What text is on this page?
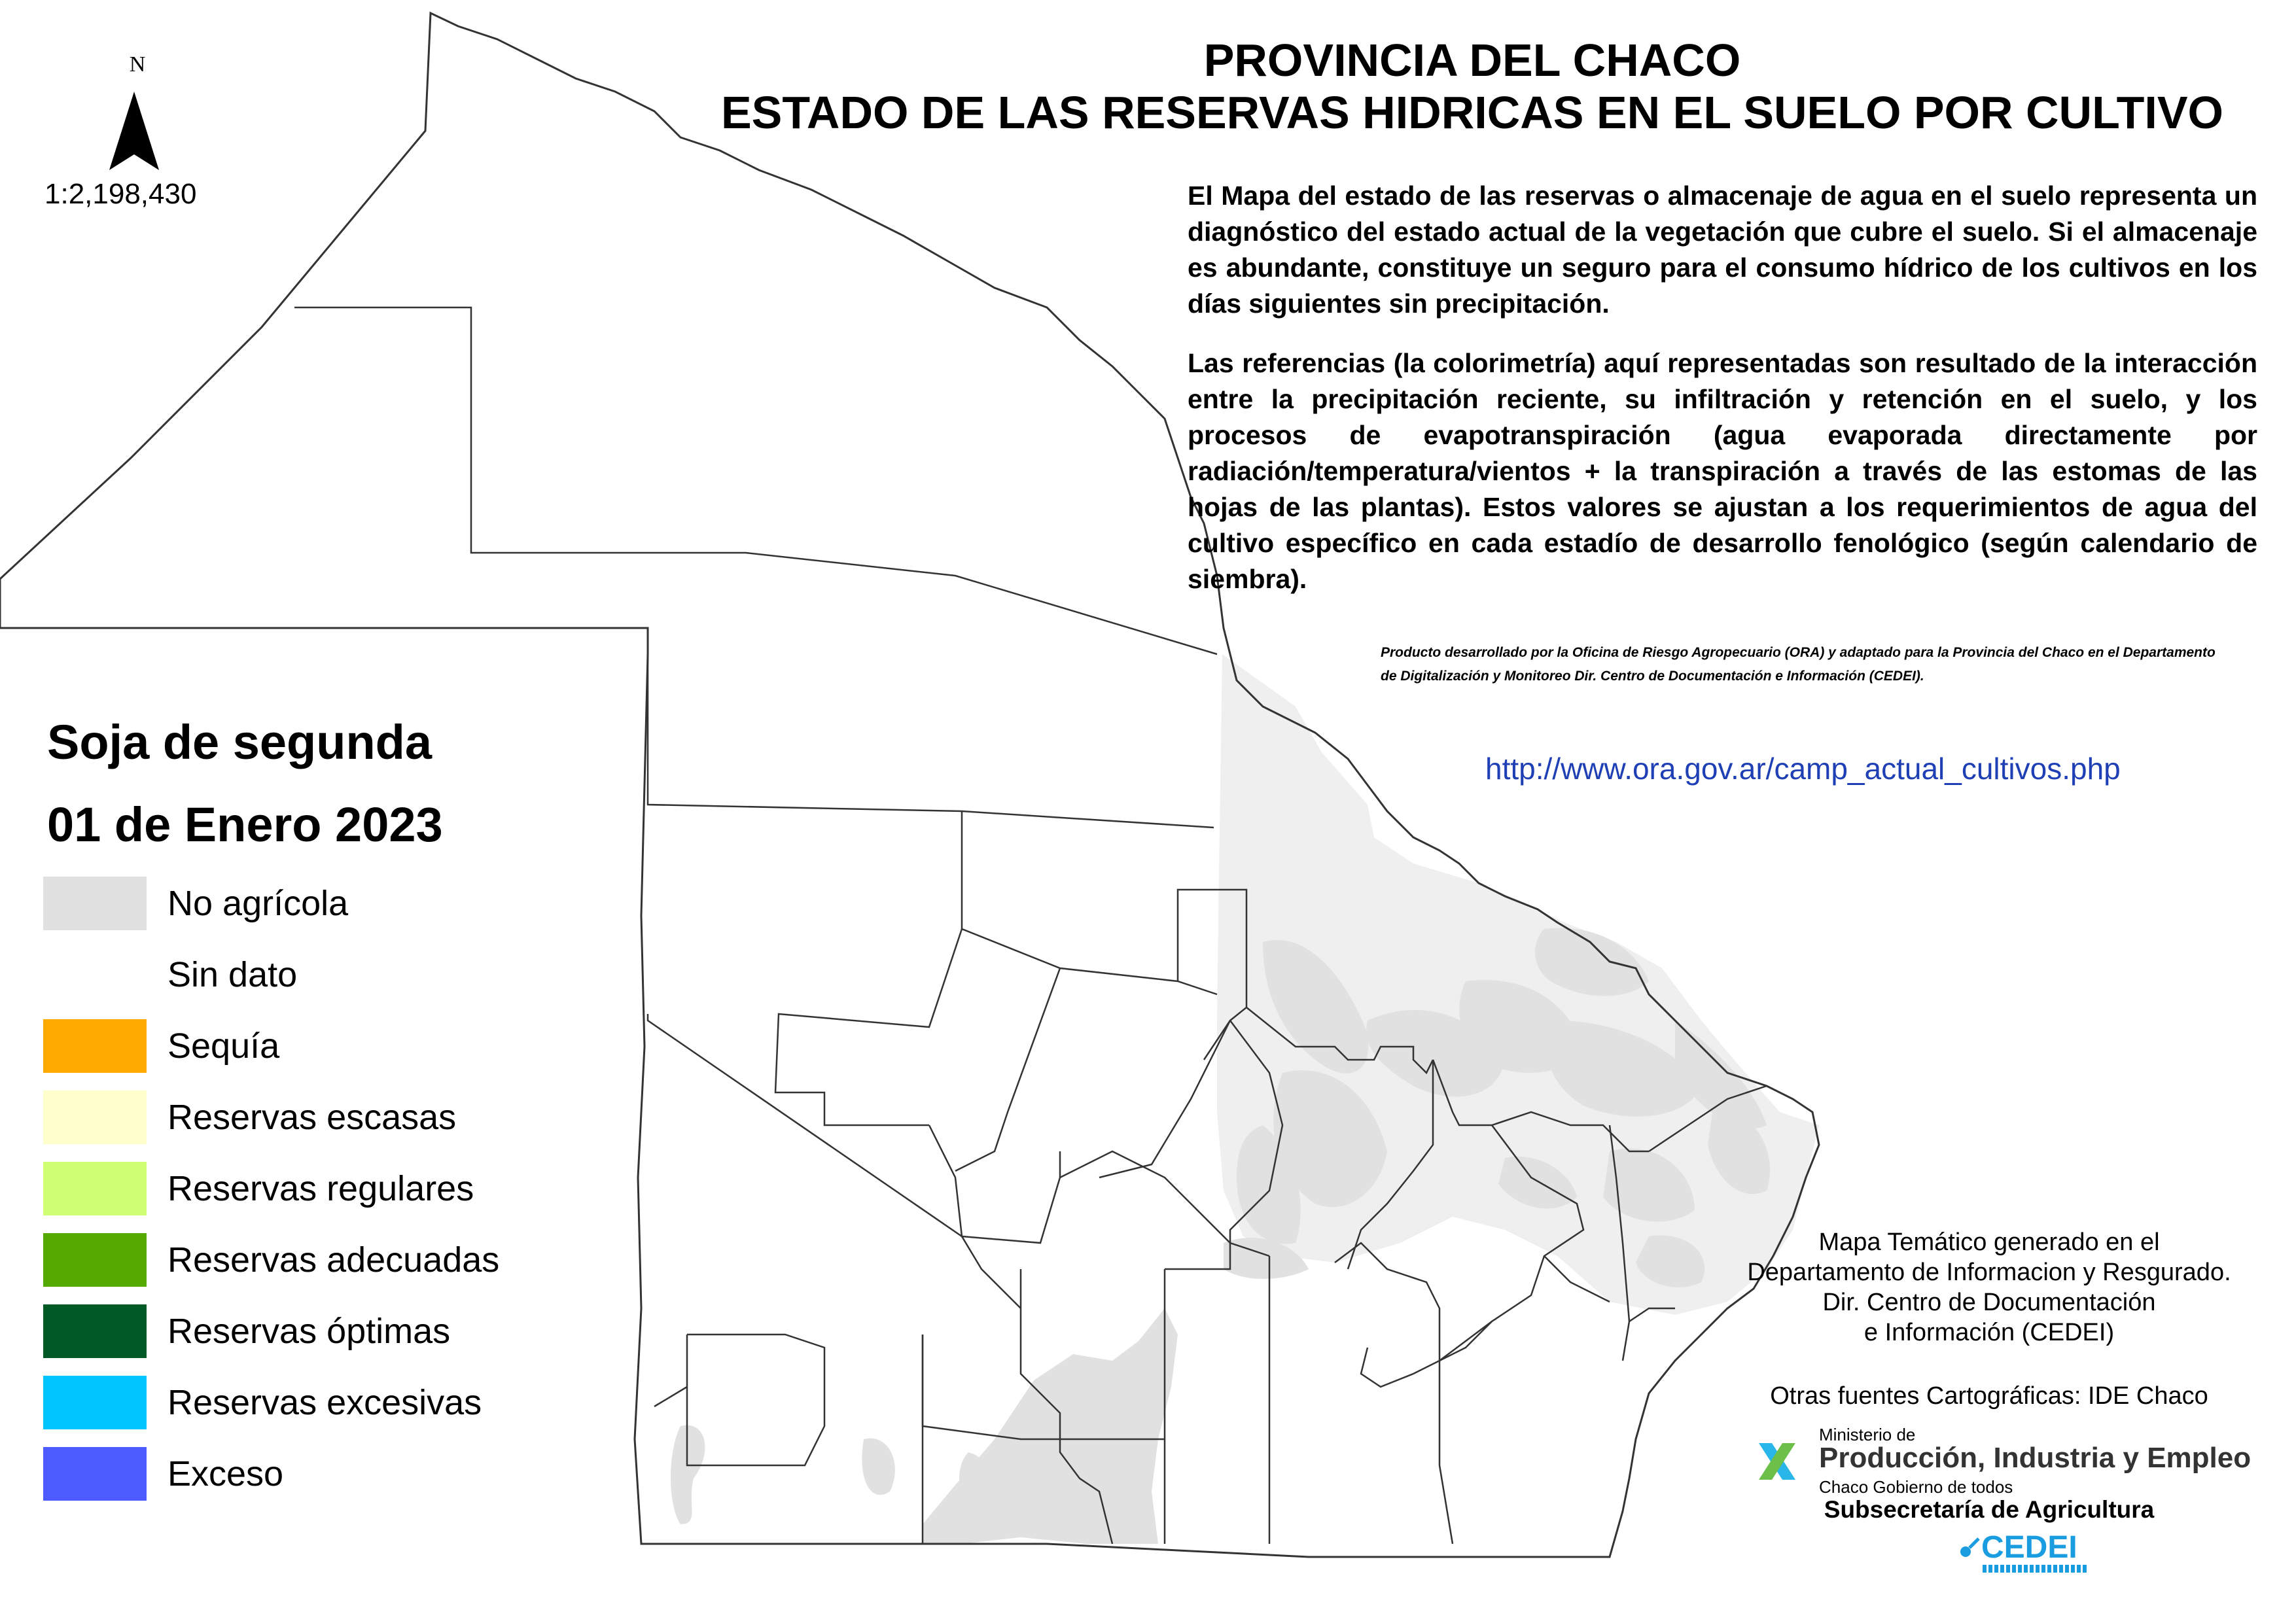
N
1:2,198,430
PROVINCIA DEL CHACO
ESTADO DE LAS RESERVAS HIDRICAS EN EL SUELO POR CULTIVO
El Mapa del estado de las reservas o almacenaje de agua en el suelo representa un diagnóstico del estado actual de la vegetación que cubre el suelo. Si el almacenaje es abundante, constituye un seguro para el consumo hídrico de los cultivos en los días siguientes sin precipitación.
Las referencias (la colorimetría) aquí representadas son resultado de la interacción entre la precipitación reciente, su infiltración y retención en el suelo, y los procesos de evapotranspiración (agua evaporada directamente por radiación/temperatura/vientos + la transpiración a través de las estomas de las hojas de las plantas). Estos valores se ajustan a los requerimientos de agua del cultivo específico en cada estadío de desarrollo fenológico (según calendario de siembra).
Producto desarrollado por la Oficina de Riesgo Agropecuario (ORA) y adaptado para la Provincia del Chaco en el Departamento de Digitalización y Monitoreo Dir. Centro de Documentación e Información (CEDEI).
http://www.ora.gov.ar/camp_actual_cultivos.php
Soja de segunda
01 de Enero 2023
No agrícola
Sin dato
Sequía
Reservas escasas
Reservas regulares
Reservas adecuadas
Reservas óptimas
Reservas excesivas
Exceso
Mapa Temático generado en el
Departamento de Informacion y Resgurado.
Dir. Centro de Documentación
e Información (CEDEI)
Otras fuentes Cartográficas: IDE Chaco
Ministerio de
Producción, Industria y Empleo
Chaco Gobierno de todos
Subsecretaría de Agricultura
CEDEI
